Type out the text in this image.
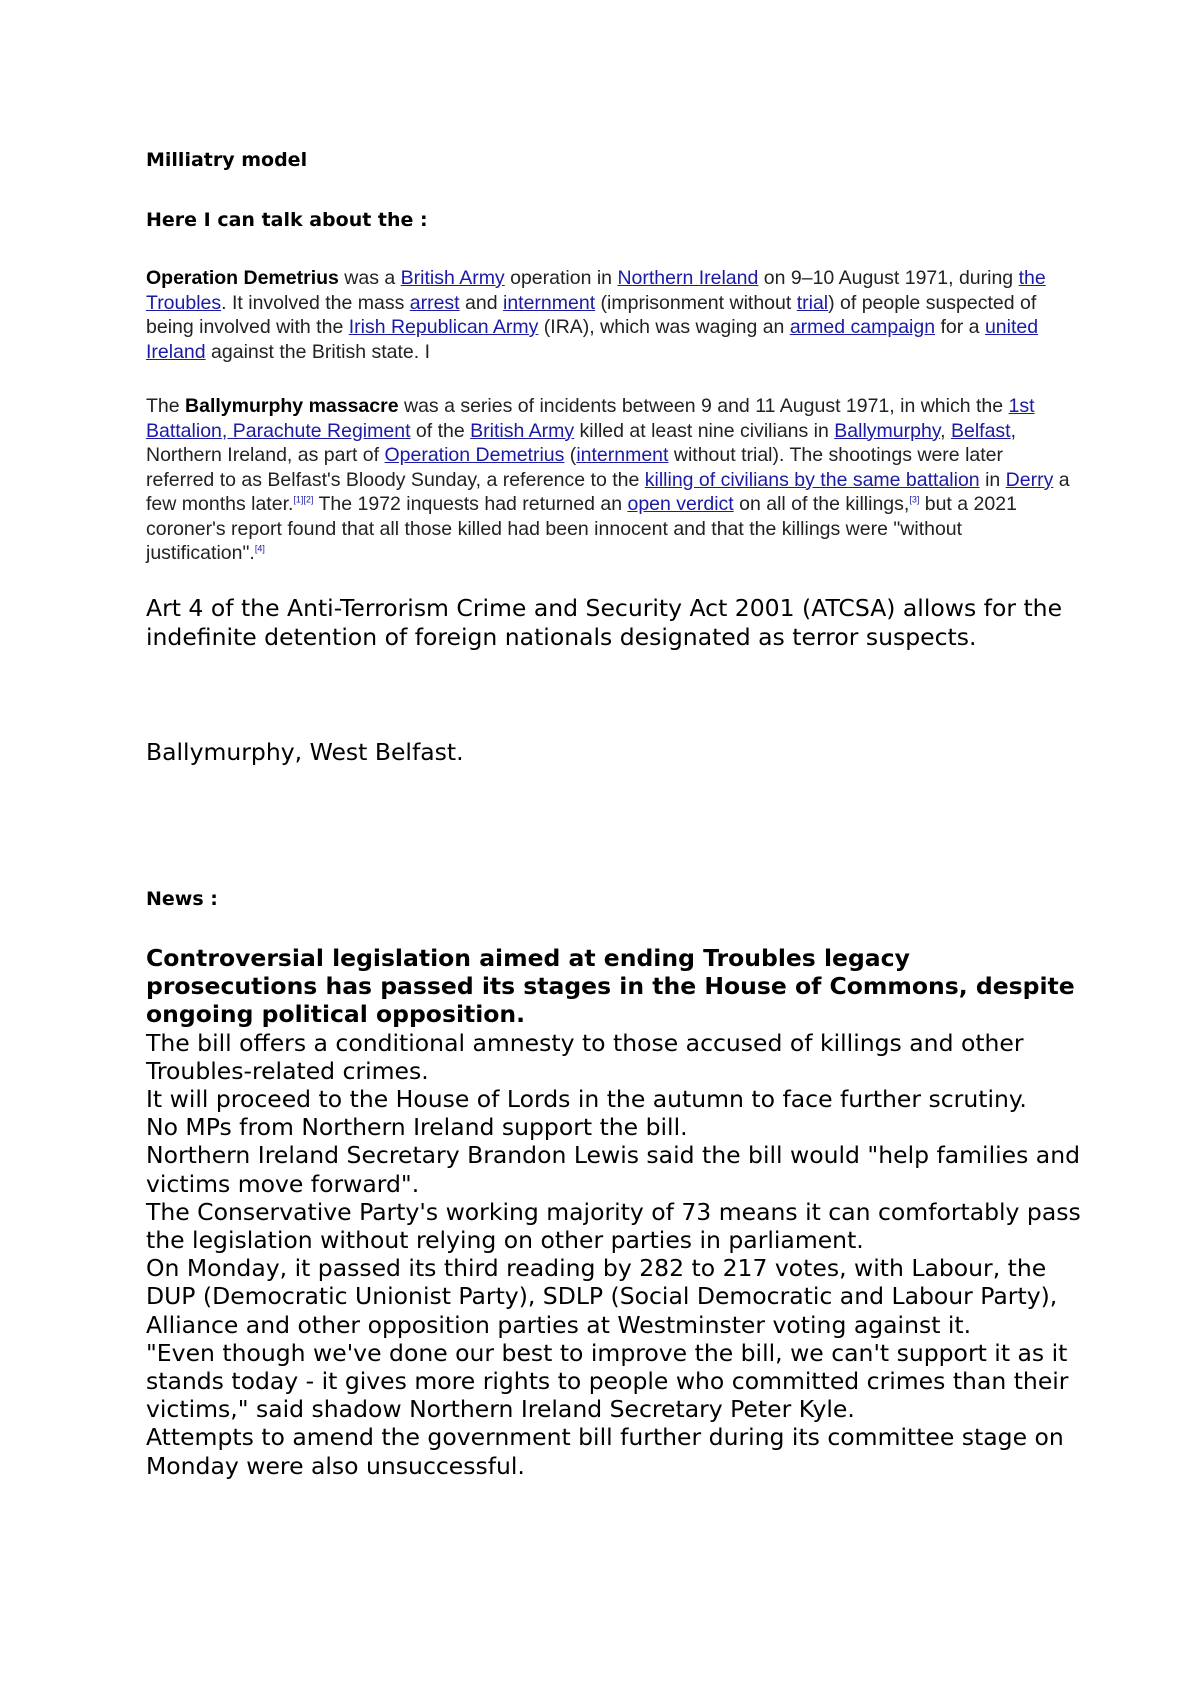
Milliatry model

Here I can talk about the :

Operation Demetrius was a British Army operation in Northern Ireland on 9–10 August 1971, during the Troubles. It involved the mass arrest and internment (imprisonment without trial) of people suspected of being involved with the Irish Republican Army (IRA), which was waging an armed campaign for a united Ireland against the British state. I

The Ballymurphy massacre was a series of incidents between 9 and 11 August 1971, in which the 1st Battalion, Parachute Regiment of the British Army killed at least nine civilians in Ballymurphy, Belfast, Northern Ireland, as part of Operation Demetrius (internment without trial). The shootings were later referred to as Belfast's Bloody Sunday, a reference to the killing of civilians by the same battalion in Derry a few months later.[1][2] The 1972 inquests had returned an open verdict on all of the killings,[3] but a 2021 coroner's report found that all those killed had been innocent and that the killings were "without justification".[4]

Art 4 of the Anti-Terrorism Crime and Security Act 2001 (ATCSA) allows for the indefinite detention of foreign nationals designated as terror suspects.

Ballymurphy, West Belfast.

News :

Controversial legislation aimed at ending Troubles legacy prosecutions has passed its stages in the House of Commons, despite ongoing political opposition.
The bill offers a conditional amnesty to those accused of killings and other Troubles-related crimes.
It will proceed to the House of Lords in the autumn to face further scrutiny.
No MPs from Northern Ireland support the bill.
Northern Ireland Secretary Brandon Lewis said the bill would "help families and victims move forward".
The Conservative Party's working majority of 73 means it can comfortably pass the legislation without relying on other parties in parliament.
On Monday, it passed its third reading by 282 to 217 votes, with Labour, the DUP (Democratic Unionist Party), SDLP (Social Democratic and Labour Party), Alliance and other opposition parties at Westminster voting against it.
"Even though we've done our best to improve the bill, we can't support it as it stands today - it gives more rights to people who committed crimes than their victims," said shadow Northern Ireland Secretary Peter Kyle.
Attempts to amend the government bill further during its committee stage on Monday were also unsuccessful.
